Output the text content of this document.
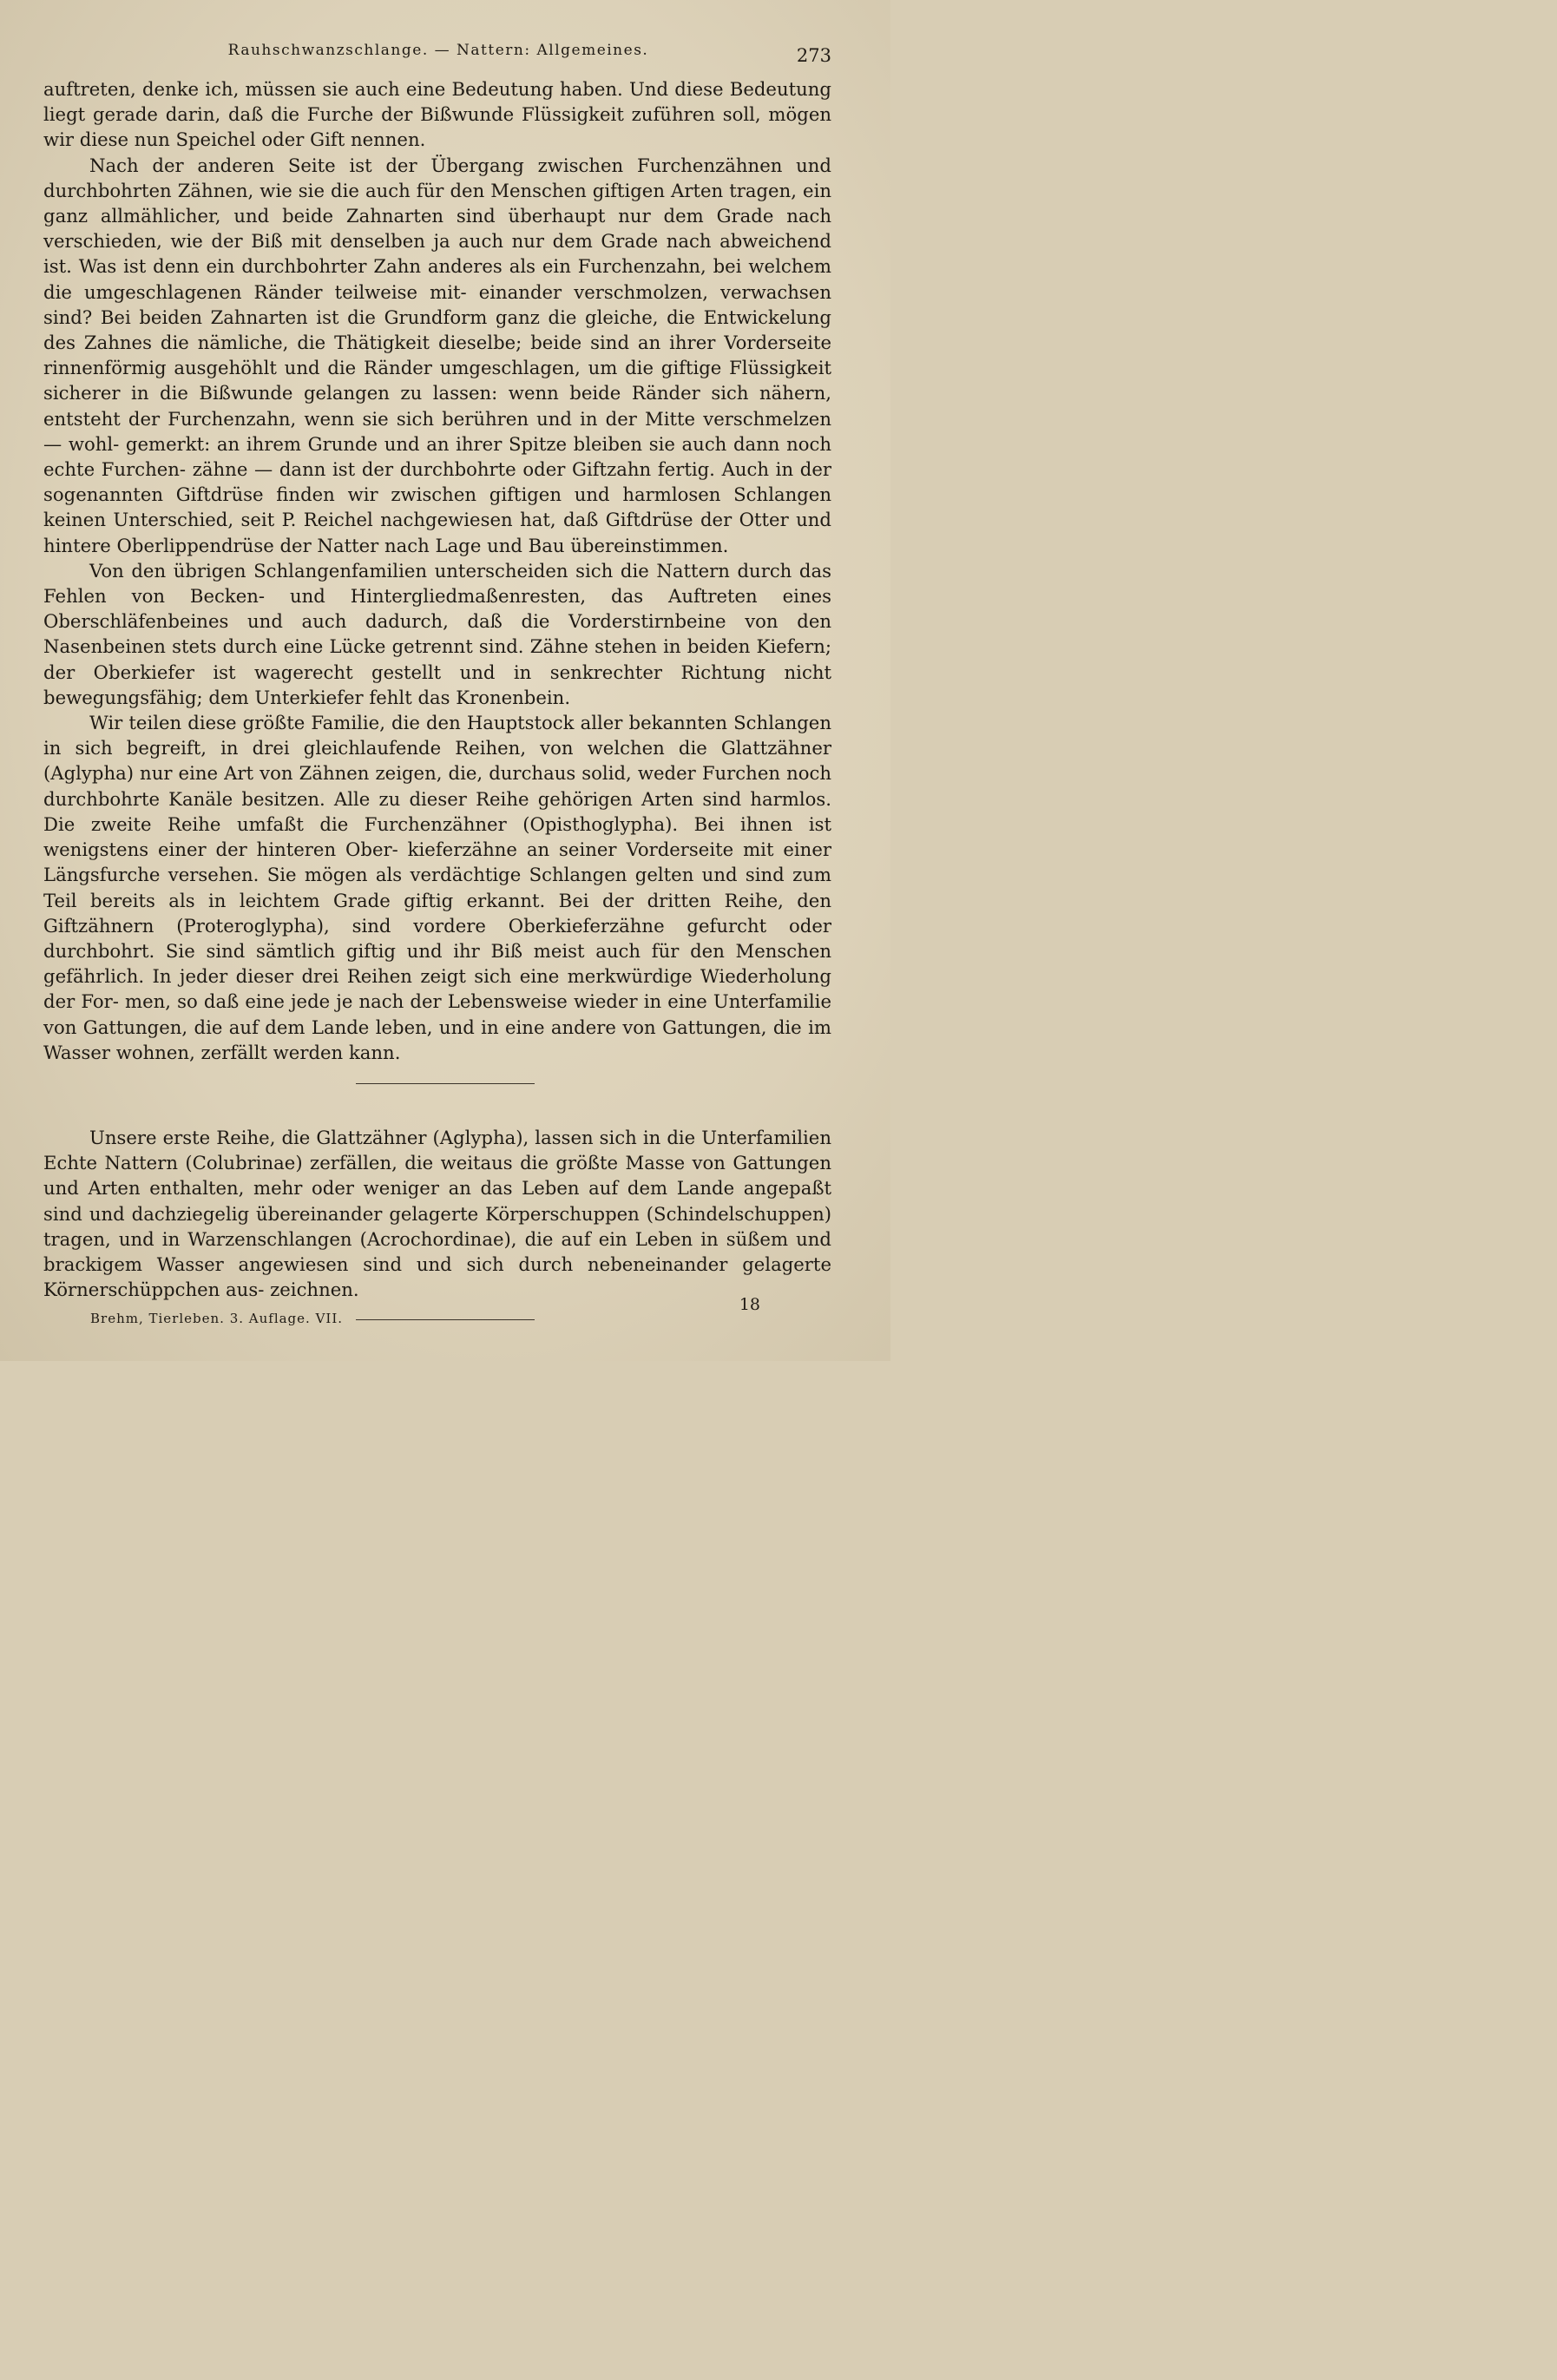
Rauhschwanzschlange. — Nattern: Allgemeines.	273

auftreten, denke ich, müssen sie auch eine Bedeutung haben. Und diese Bedeutung liegt gerade darin, daß die Furche der Bißwunde Flüssigkeit zuführen soll, mögen wir diese nun Speichel oder Gift nennen.

Nach der anderen Seite ist der Übergang zwischen Furchenzähnen und durchbohrten Zähnen, wie sie die auch für den Menschen giftigen Arten tragen, ein ganz allmählicher, und beide Zahnarten sind überhaupt nur dem Grade nach verschieden, wie der Biß mit denselben ja auch nur dem Grade nach abweichend ist. Was ist denn ein durchbohrter Zahn anderes als ein Furchenzahn, bei welchem die umgeschlagenen Ränder teilweise mit- einander verschmolzen, verwachsen sind? Bei beiden Zahnarten ist die Grundform ganz die gleiche, die Entwickelung des Zahnes die nämliche, die Thätigkeit dieselbe; beide sind an ihrer Vorderseite rinnenförmig ausgehöhlt und die Ränder umgeschlagen, um die giftige Flüssigkeit sicherer in die Bißwunde gelangen zu lassen: wenn beide Ränder sich nähern, entsteht der Furchenzahn, wenn sie sich berühren und in der Mitte verschmelzen — wohl- gemerkt: an ihrem Grunde und an ihrer Spitze bleiben sie auch dann noch echte Furchen- zähne — dann ist der durchbohrte oder Giftzahn fertig. Auch in der sogenannten Giftdrüse finden wir zwischen giftigen und harmlosen Schlangen keinen Unterschied, seit P. Reichel nachgewiesen hat, daß Giftdrüse der Otter und hintere Oberlippendrüse der Natter nach Lage und Bau übereinstimmen.

Von den übrigen Schlangenfamilien unterscheiden sich die Nattern durch das Fehlen von Becken- und Hintergliedmaßenresten, das Auftreten eines Oberschläfenbeines und auch dadurch, daß die Vorderstirnbeine von den Nasenbeinen stets durch eine Lücke getrennt sind. Zähne stehen in beiden Kiefern; der Oberkiefer ist wagerecht gestellt und in senkrechter Richtung nicht bewegungsfähig; dem Unterkiefer fehlt das Kronenbein.

Wir teilen diese größte Familie, die den Hauptstock aller bekannten Schlangen in sich begreift, in drei gleichlaufende Reihen, von welchen die Glattzähner (Aglypha) nur eine Art von Zähnen zeigen, die, durchaus solid, weder Furchen noch durchbohrte Kanäle besitzen. Alle zu dieser Reihe gehörigen Arten sind harmlos. Die zweite Reihe umfaßt die Furchenzähner (Opisthoglypha). Bei ihnen ist wenigstens einer der hinteren Ober- kieferzähne an seiner Vorderseite mit einer Längsfurche versehen. Sie mögen als verdächtige Schlangen gelten und sind zum Teil bereits als in leichtem Grade giftig erkannt. Bei der dritten Reihe, den Giftzähnern (Proteroglypha), sind vordere Oberkieferzähne gefurcht oder durchbohrt. Sie sind sämtlich giftig und ihr Biß meist auch für den Menschen gefährlich. In jeder dieser drei Reihen zeigt sich eine merkwürdige Wiederholung der For- men, so daß eine jede je nach der Lebensweise wieder in eine Unterfamilie von Gattungen, die auf dem Lande leben, und in eine andere von Gattungen, die im Wasser wohnen, zerfällt werden kann.

Unsere erste Reihe, die Glattzähner (Aglypha), lassen sich in die Unterfamilien Echte Nattern (Colubrinae) zerfällen, die weitaus die größte Masse von Gattungen und Arten enthalten, mehr oder weniger an das Leben auf dem Lande angepaßt sind und dachziegelig übereinander gelagerte Körperschuppen (Schindelschuppen) tragen, und in Warzenschlangen (Acrochordinae), die auf ein Leben in süßem und brackigem Wasser angewiesen sind und sich durch nebeneinander gelagerte Körnerschüppchen aus- zeichnen.

Brehm, Tierleben. 3. Auflage. VII.
18
